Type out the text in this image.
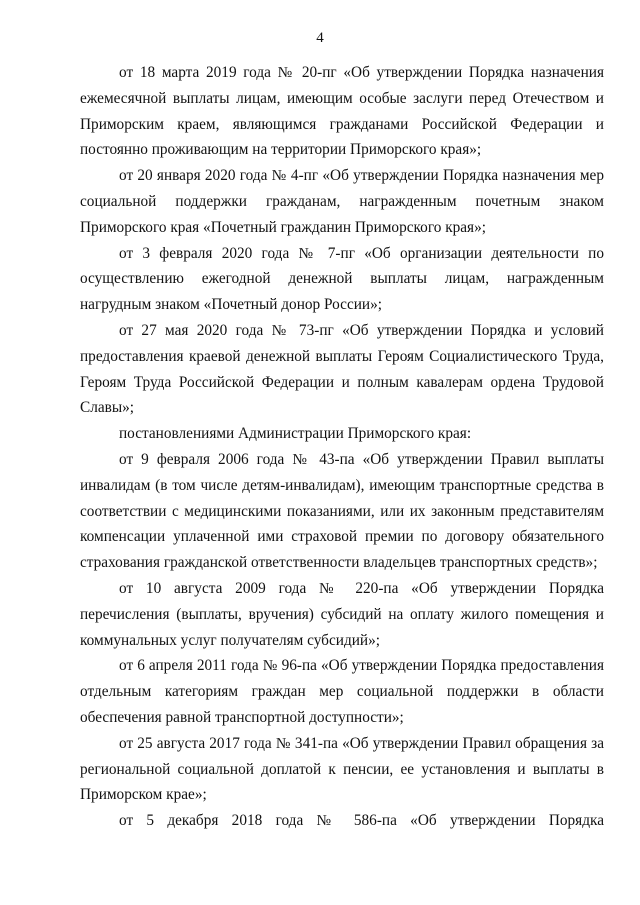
4

от 18 марта 2019 года № 20-пг «Об утверждении Порядка назначения ежемесячной выплаты лицам, имеющим особые заслуги перед Отечеством и Приморским краем, являющимся гражданами Российской Федерации и постоянно проживающим на территории Приморского края»;

от 20 января 2020 года № 4-пг «Об утверждении Порядка назначения мер социальной поддержки гражданам, награжденным почетным знаком Приморского края «Почетный гражданин Приморского края»;

от 3 февраля 2020 года № 7-пг «Об организации деятельности по осуществлению ежегодной денежной выплаты лицам, награжденным нагрудным знаком «Почетный донор России»;

от 27 мая 2020 года № 73-пг «Об утверждении Порядка и условий предоставления краевой денежной выплаты Героям Социалистического Труда, Героям Труда Российской Федерации и полным кавалерам ордена Трудовой Славы»;

постановлениями Администрации Приморского края:

от 9 февраля 2006 года № 43-па «Об утверждении Правил выплаты инвалидам (в том числе детям-инвалидам), имеющим транспортные средства в соответствии с медицинскими показаниями, или их законным представителям компенсации уплаченной ими страховой премии по договору обязательного страхования гражданской ответственности владельцев транспортных средств»;

от 10 августа 2009 года № 220-па «Об утверждении Порядка перечисления (выплаты, вручения) субсидий на оплату жилого помещения и коммунальных услуг получателям субсидий»;

от 6 апреля 2011 года № 96-па «Об утверждении Порядка предоставления отдельным категориям граждан мер социальной поддержки в области обеспечения равной транспортной доступности»;

от 25 августа 2017 года № 341-па «Об утверждении Правил обращения за региональной социальной доплатой к пенсии, ее установления и выплаты в Приморском крае»;

от 5 декабря 2018 года № 586-па «Об утверждении Порядка
